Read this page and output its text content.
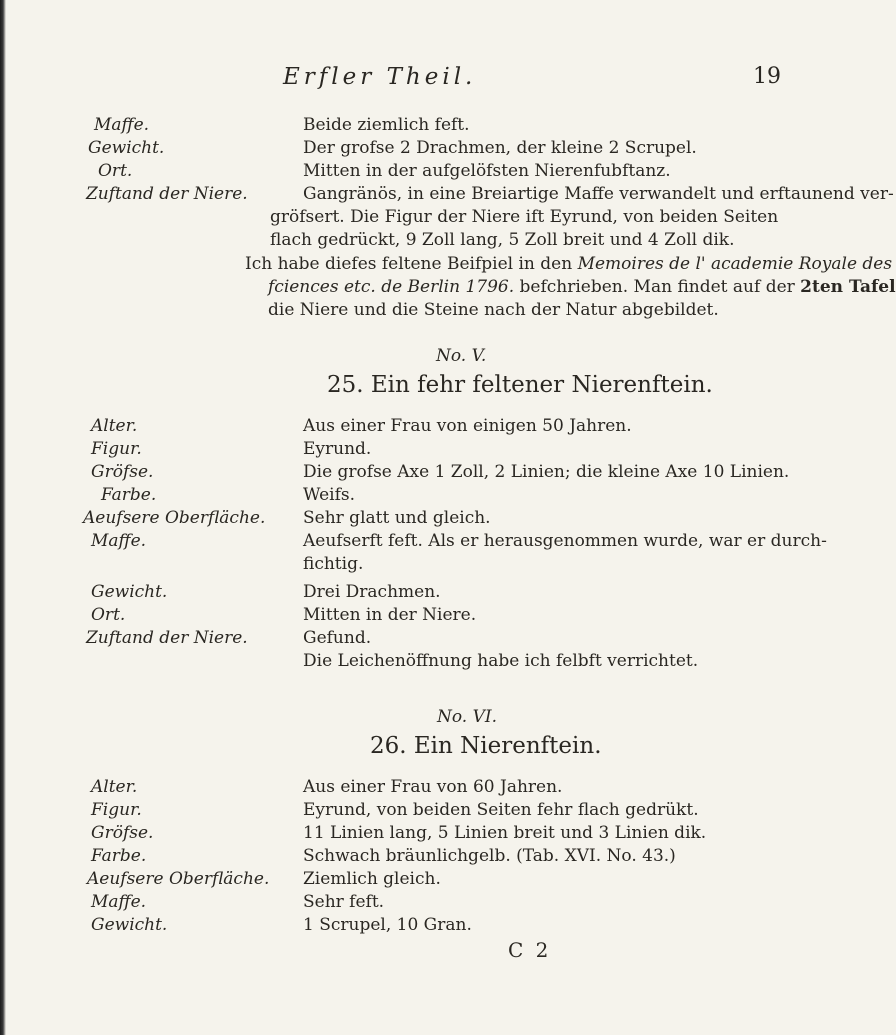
Erfler Theil.	19
Maffe.	Beide ziemlich feft.
Gewicht.	Der grofse 2 Drachmen, der kleine 2 Scrupel.
Ort.	Mitten in der aufgelöfsten Nierenfubftanz.
Zuftand der Niere.	Gangränös, in eine Breiartige Maffe verwandelt und erftaunend ver-
gröfsert. Die Figur der Niere ift Eyrund, von beiden Seiten
flach gedrückt, 9 Zoll lang, 5 Zoll breit und 4 Zoll dik.
Ich habe diefes feltene Beifpiel in den Memoires de l' academie Royale des
fciences etc. de Berlin 1796. befchrieben. Man findet auf der 2ten Tafel
die Niere und die Steine nach der Natur abgebildet.
No. V.
25. Ein fehr feltener Nierenftein.
Alter.	Aus einer Frau von einigen 50 Jahren.
Figur.	Eyrund.
Gröfse.	Die grofse Axe 1 Zoll, 2 Linien; die kleine Axe 10 Linien.
Farbe.	Weifs.
Aeufsere Oberfläche. Sehr glatt und gleich.
Maffe.	Aeufserft feft. Als er herausgenommen wurde, war er durch-
fichtig.
Gewicht.	Drei Drachmen.
Ort.	Mitten in der Niere.
Zuftand der Niere.	Gefund.
Die Leichenöffnung habe ich felbft verrichtet.
No. VI.
26. Ein Nierenftein.
Alter.	Aus einer Frau von 60 Jahren.
Figur.	Eyrund, von beiden Seiten fehr flach gedrükt.
Gröfse.	11 Linien lang, 5 Linien breit und 3 Linien dik.
Farbe.	Schwach bräunlichgelb. (Tab. XVI. No. 43.)
Aeufsere Oberfläche. Ziemlich gleich.
Maffe.	Sehr feft.
Gewicht.	1 Scrupel, 10 Gran.
C 2
